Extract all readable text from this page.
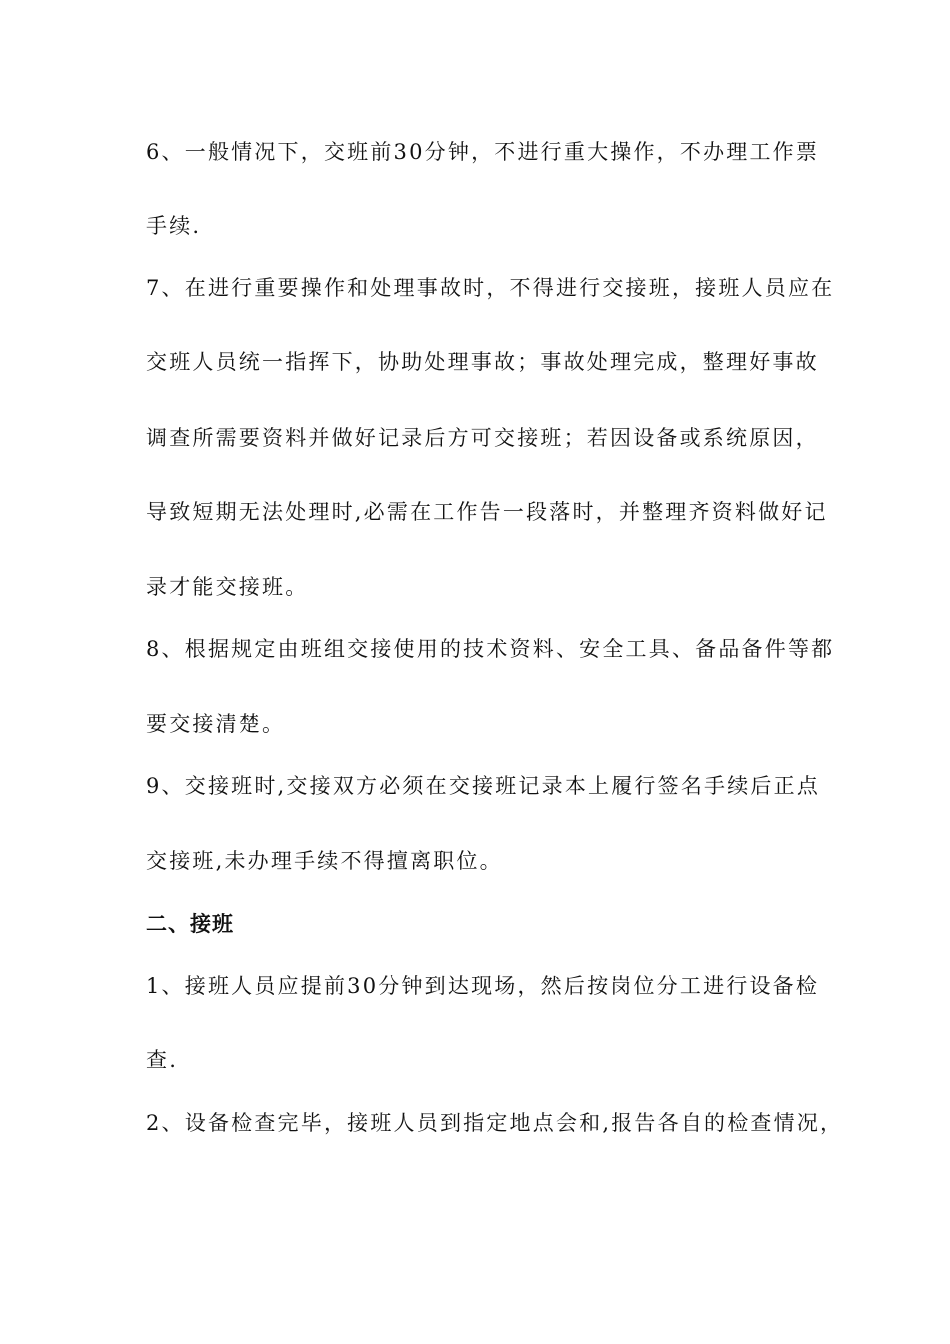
6、一般情况下，交班前30分钟，不进行重大操作，不办理工作票
手续.
7、在进行重要操作和处理事故时，不得进行交接班，接班人员应在
交班人员统一指挥下，协助处理事故；事故处理完成，整理好事故
调查所需要资料并做好记录后方可交接班；若因设备或系统原因，
导致短期无法处理时,必需在工作告一段落时，并整理齐资料做好记
录才能交接班。
8、根据规定由班组交接使用的技术资料、安全工具、备品备件等都
要交接清楚。
9、交接班时,交接双方必须在交接班记录本上履行签名手续后正点
交接班,未办理手续不得擅离职位。
二、接班
1、接班人员应提前30分钟到达现场，然后按岗位分工进行设备检
查.
2、设备检查完毕，接班人员到指定地点会和,报告各自的检查情况，
